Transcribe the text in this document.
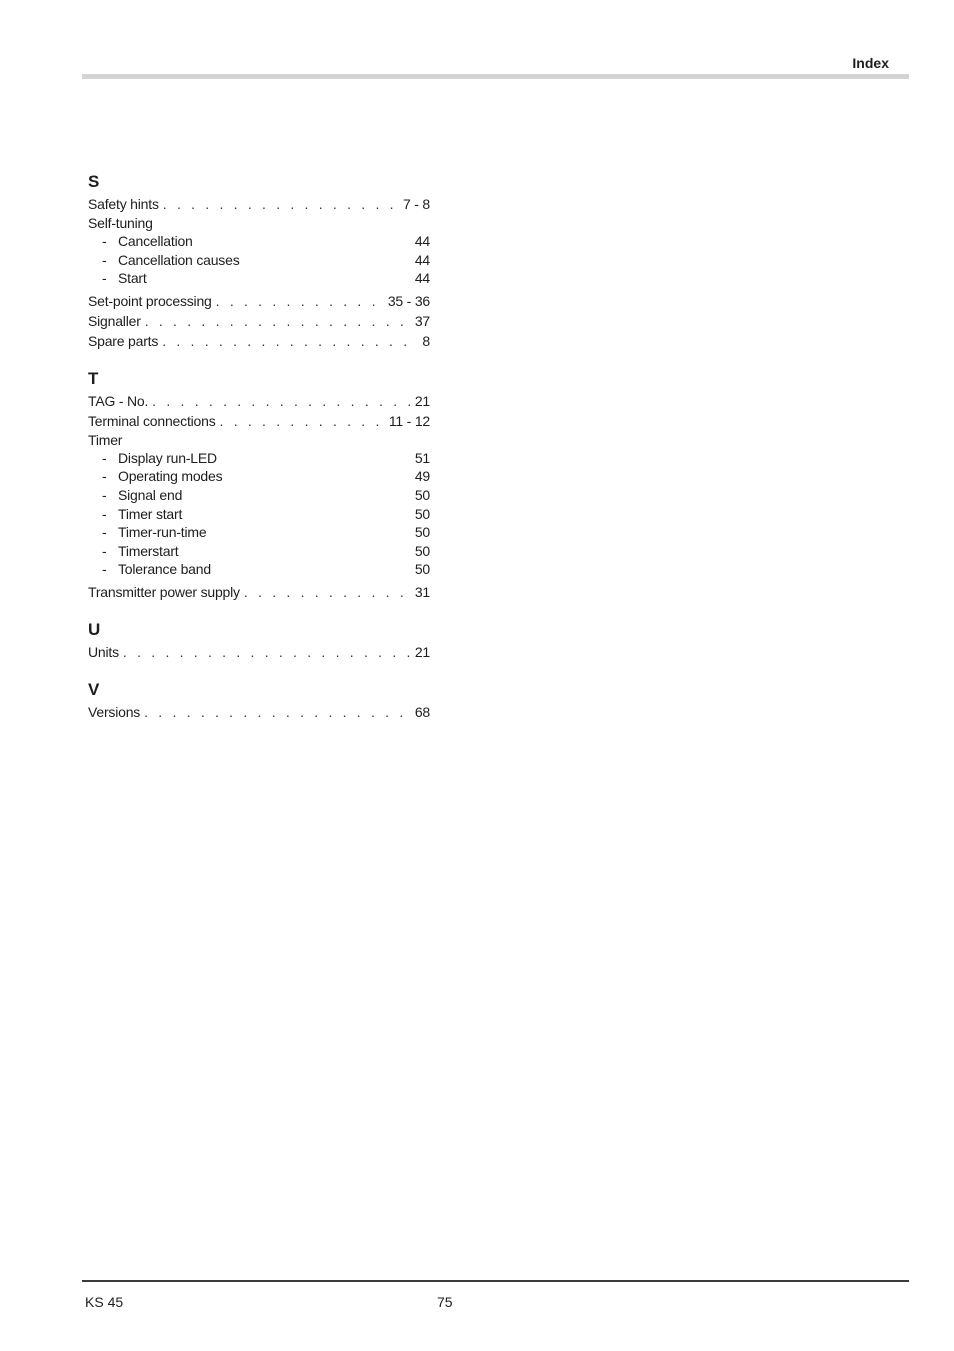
Index
S
Safety hints . . .	7 - 8
Self-tuning
- Cancellation	44
- Cancellation causes	44
- Start	44
Set-point processing . . .	35 - 36
Signaller . . .	37
Spare parts . . .	8
T
TAG - No. . . .	21
Terminal connections . . .	11 - 12
Timer
- Display run-LED	51
- Operating modes	49
- Signal end	50
- Timer start	50
- Timer-run-time	50
- Timerstart	50
- Tolerance band	50
Transmitter power supply . . .	31
U
Units . . .	21
V
Versions . . .	68
KS 45	75
